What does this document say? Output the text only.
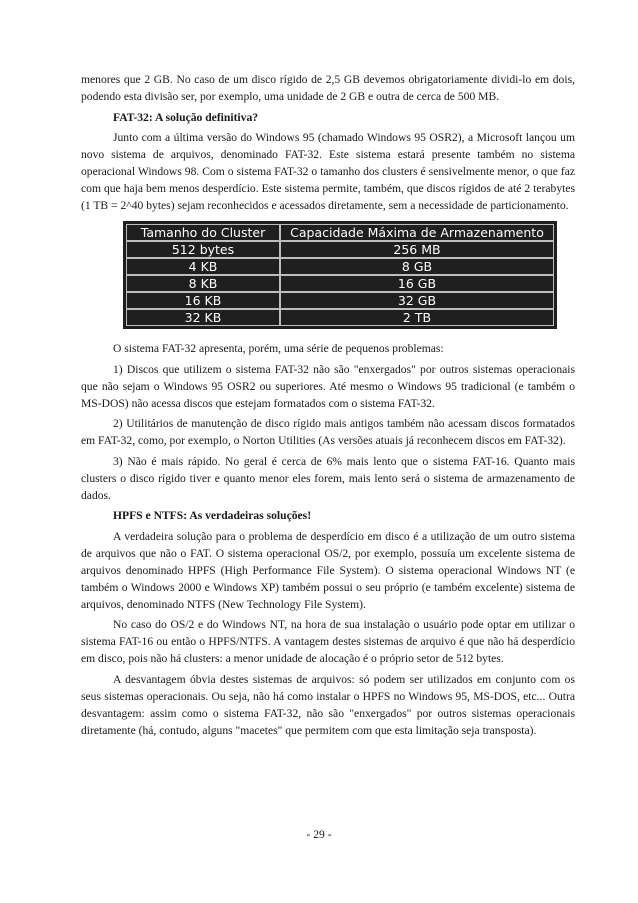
menores que 2 GB. No caso de um disco rígido de 2,5 GB devemos obrigatoriamente dividi-lo em dois, podendo esta divisão ser, por exemplo, uma unidade de 2 GB e outra de cerca de 500 MB.

FAT-32: A solução definitiva?

Junto com a última versão do Windows 95 (chamado Windows 95 OSR2), a Microsoft lançou um novo sistema de arquivos, denominado FAT-32. Este sistema estará presente também no sistema operacional Windows 98. Com o sistema FAT-32 o tamanho dos clusters é sensivelmente menor, o que faz com que haja bem menos desperdício. Este sistema permite, também, que discos rígidos de até 2 terabytes (1 TB = 2^40 bytes) sejam reconhecidos e acessados diretamente, sem a necessidade de particionamento.

Tamanho do Cluster	Capacidade Máxima de Armazenamento
512 bytes	256 MB
4 KB	8 GB
8 KB	16 GB
16 KB	32 GB
32 KB	2 TB

O sistema FAT-32 apresenta, porém, uma série de pequenos problemas:

1) Discos que utilizem o sistema FAT-32 não são "enxergados" por outros sistemas operacionais que não sejam o Windows 95 OSR2 ou superiores. Até mesmo o Windows 95 tradicional (e também o MS-DOS) não acessa discos que estejam formatados com o sistema FAT-32.

2) Utilitários de manutenção de disco rígido mais antigos também não acessam discos formatados em FAT-32, como, por exemplo, o Norton Utilities (As versões atuais já reconhecem discos em FAT-32).

3) Não é mais rápido. No geral é cerca de 6% mais lento que o sistema FAT-16. Quanto mais clusters o disco rígido tiver e quanto menor eles forem, mais lento será o sistema de armazenamento de dados.

HPFS e NTFS: As verdadeiras soluções!

A verdadeira solução para o problema de desperdício em disco é a utilização de um outro sistema de arquivos que não o FAT. O sistema operacional OS/2, por exemplo, possuía um excelente sistema de arquivos denominado HPFS (High Performance File System). O sistema operacional Windows NT (e também o Windows 2000 e Windows XP) também possui o seu próprio (e também excelente) sistema de arquivos, denominado NTFS (New Technology File System).

No caso do OS/2 e do Windows NT, na hora de sua instalação o usuário pode optar em utilizar o sistema FAT-16 ou então o HPFS/NTFS. A vantagem destes sistemas de arquivo é que não há desperdício em disco, pois não há clusters: a menor unidade de alocação é o próprio setor de 512 bytes.

A desvantagem óbvia destes sistemas de arquivos: só podem ser utilizados em conjunto com os seus sistemas operacionais. Ou seja, não há como instalar o HPFS no Windows 95, MS-DOS, etc... Outra desvantagem: assim como o sistema FAT-32, não são "enxergados" por outros sistemas operacionais diretamente (há, contudo, alguns "macetes" que permitem com que esta limitação seja transposta).

- 29 -
